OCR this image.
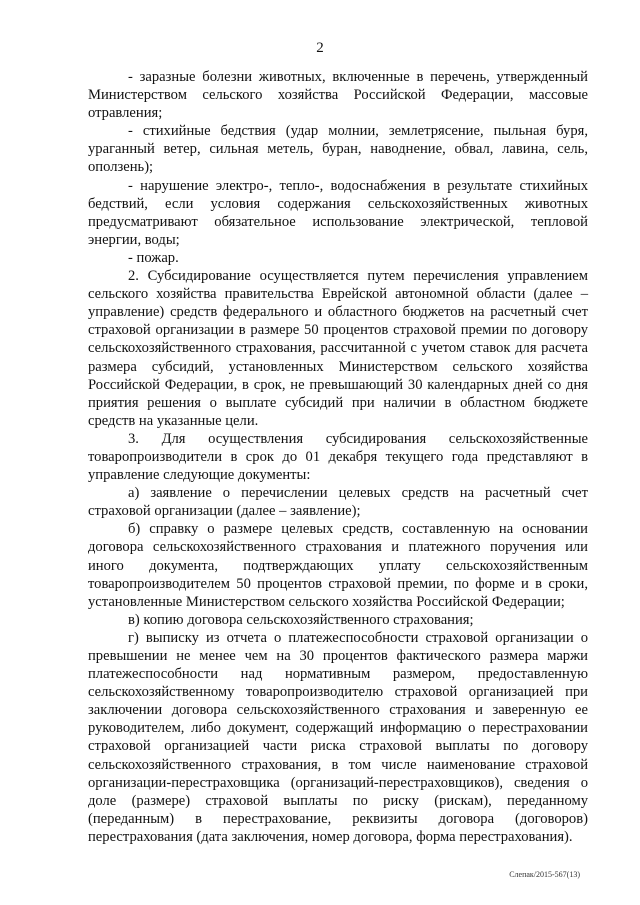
2

- заразные болезни животных, включенные в перечень, утвержденный Министерством сельского хозяйства Российской Федерации, массовые отравления;

- стихийные бедствия (удар молнии, землетрясение, пыльная буря, ураганный ветер, сильная метель, буран, наводнение, обвал, лавина, сель, оползень);

- нарушение электро-, тепло-, водоснабжения в результате стихийных бедствий, если условия содержания сельскохозяйственных животных предусматривают обязательное использование электрической, тепловой энергии, воды;

- пожар.

2. Субсидирование осуществляется путем перечисления управлением сельского хозяйства правительства Еврейской автономной области (далее – управление) средств федерального и областного бюджетов на расчетный счет страховой организации в размере 50 процентов страховой премии по договору сельскохозяйственного страхования, рассчитанной с учетом ставок для расчета размера субсидий, установленных Министерством сельского хозяйства Российской Федерации, в срок, не превышающий 30 календарных дней со дня приятия решения о выплате субсидий при наличии в областном бюджете средств на указанные цели.

3. Для осуществления субсидирования сельскохозяйственные товаропроизводители в срок до 01 декабря текущего года представляют в управление следующие документы:

а) заявление о перечислении целевых средств на расчетный счет страховой организации (далее – заявление);

б) справку о размере целевых средств, составленную на основании договора сельскохозяйственного страхования и платежного поручения или иного документа, подтверждающих уплату сельскохозяйственным товаропроизводителем 50 процентов страховой премии, по форме и в сроки, установленные Министерством сельского хозяйства Российской Федерации;

в) копию договора сельскохозяйственного страхования;

г) выписку из отчета о платежеспособности страховой организации о превышении не менее чем на 30 процентов фактического размера маржи платежеспособности над нормативным размером, предоставленную сельскохозяйственному товаропроизводителю страховой организацией при заключении договора сельскохозяйственного страхования и заверенную ее руководителем, либо документ, содержащий информацию о перестраховании страховой организацией части риска страховой выплаты по договору сельскохозяйственного страхования, в том числе наименование страховой организации-перестраховщика (организаций-перестраховщиков), сведения о доле (размере) страховой выплаты по риску (рискам), переданному (переданным) в перестрахование, реквизиты договора (договоров) перестрахования (дата заключения, номер договора, форма перестрахования).

Слепак/2015-567(13)
